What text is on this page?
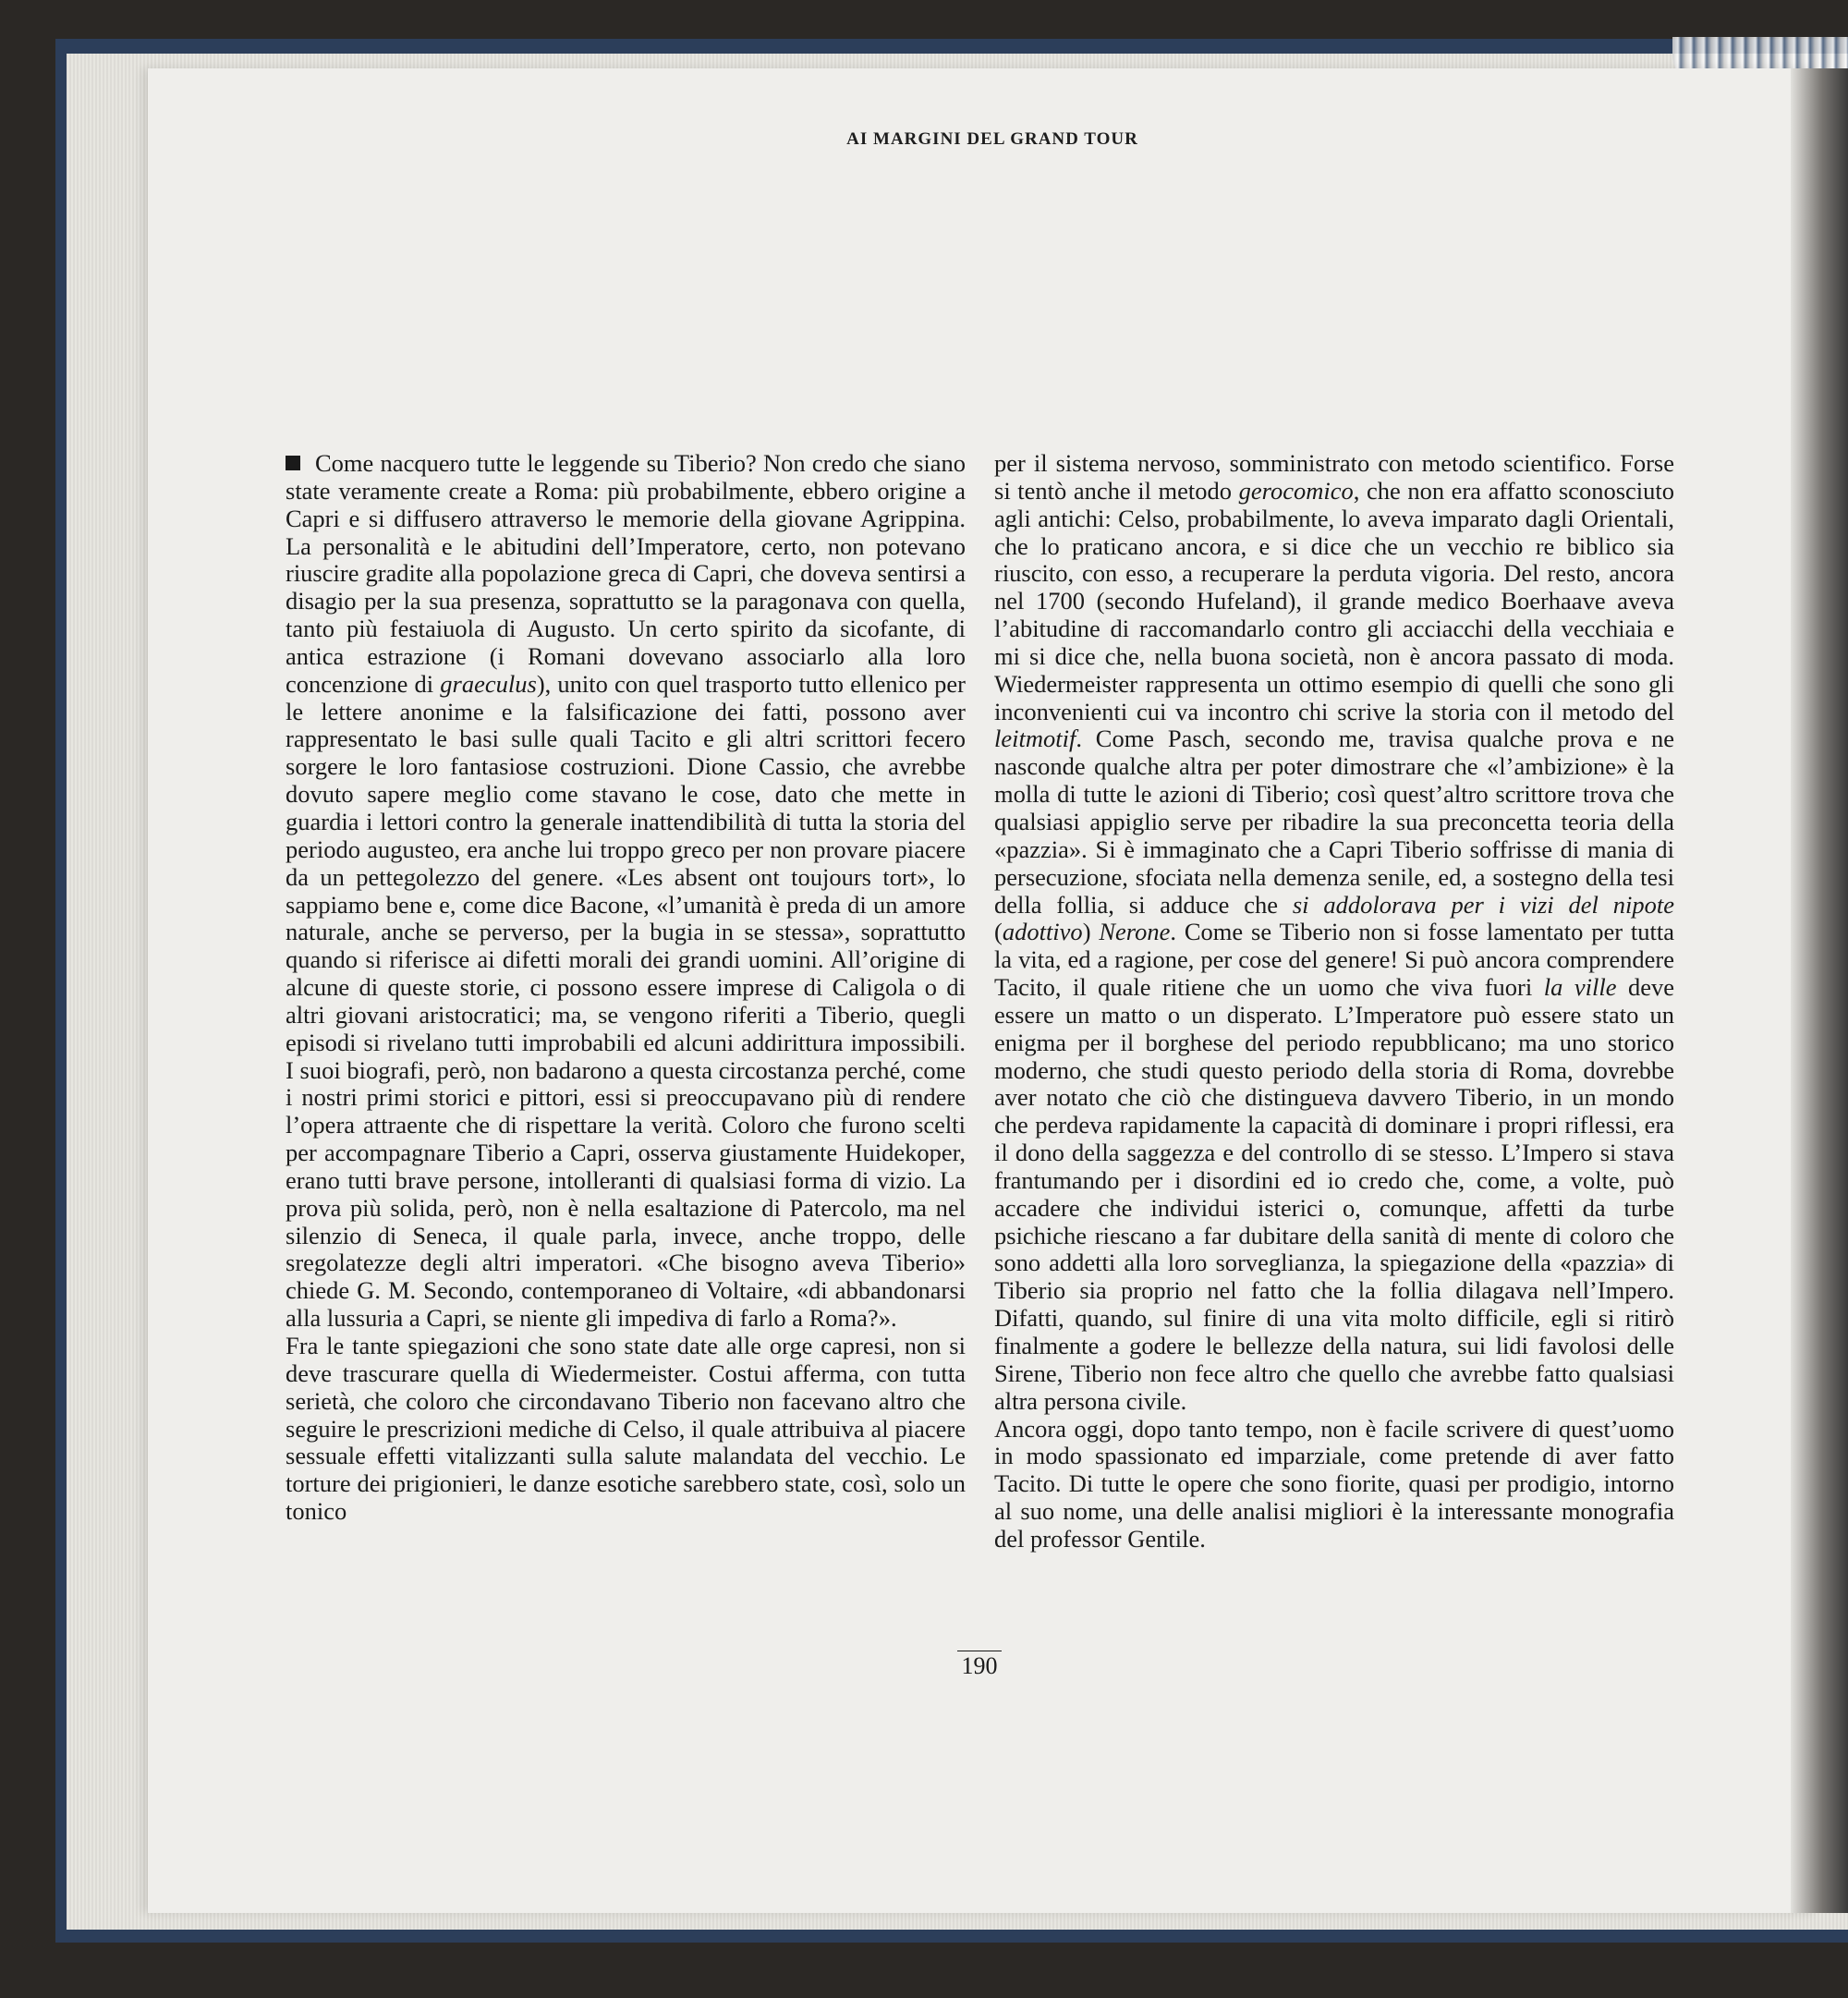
AI MARGINI DEL GRAND TOUR

Come nacquero tutte le leggende su Tiberio? Non credo che siano state veramente create a Roma: più probabilmente, ebbero origine a Capri e si diffusero attraverso le memorie della giovane Agrippina. La personalità e le abitudini dell’Imperatore, certo, non potevano riuscire gradite alla popolazione greca di Capri, che doveva sentirsi a disagio per la sua presenza, soprattutto se la paragonava con quella, tanto più festaiuola di Augusto. Un certo spirito da sicofante, di antica estrazione (i Romani dovevano associarlo alla loro concenzione di graeculus), unito con quel trasporto tutto ellenico per le lettere anonime e la falsificazione dei fatti, possono aver rappresentato le basi sulle quali Tacito e gli altri scrittori fecero sorgere le loro fantasiose costruzioni. Dione Cassio, che avrebbe dovuto sapere meglio come stavano le cose, dato che mette in guardia i lettori contro la generale inattendibilità di tutta la storia del periodo augusteo, era anche lui troppo greco per non provare piacere da un pettegolezzo del genere. «Les absent ont toujours tort», lo sappiamo bene e, come dice Bacone, «l’umanità è preda di un amore naturale, anche se perverso, per la bugia in se stessa», soprattutto quando si riferisce ai difetti morali dei grandi uomini. All’origine di alcune di queste storie, ci possono essere imprese di Caligola o di altri giovani aristocratici; ma, se vengono riferiti a Tiberio, quegli episodi si rivelano tutti improbabili ed alcuni addirittura impossibili. I suoi biografi, però, non badarono a questa circostanza perché, come i nostri primi storici e pittori, essi si preoccupavano più di rendere l’opera attraente che di rispettare la verità. Coloro che furono scelti per accompagnare Tiberio a Capri, osserva giustamente Huidekoper, erano tutti brave persone, intolleranti di qualsiasi forma di vizio. La prova più solida, però, non è nella esaltazione di Patercolo, ma nel silenzio di Seneca, il quale parla, invece, anche troppo, delle sregolatezze degli altri imperatori. «Che bisogno aveva Tiberio» chiede G. M. Secondo, contemporaneo di Voltaire, «di abbandonarsi alla lussuria a Capri, se niente gli impediva di farlo a Roma?».

Fra le tante spiegazioni che sono state date alle orge capresi, non si deve trascurare quella di Wiedermeister. Costui afferma, con tutta serietà, che coloro che circondavano Tiberio non facevano altro che seguire le prescrizioni mediche di Celso, il quale attribuiva al piacere sessuale effetti vitalizzanti sulla salute malandata del vecchio. Le torture dei prigionieri, le danze esotiche sarebbero state, così, solo un tonico

per il sistema nervoso, somministrato con metodo scientifico. Forse si tentò anche il metodo gerocomico, che non era affatto sconosciuto agli antichi: Celso, probabilmente, lo aveva imparato dagli Orientali, che lo praticano ancora, e si dice che un vecchio re biblico sia riuscito, con esso, a recuperare la perduta vigoria. Del resto, ancora nel 1700 (secondo Hufeland), il grande medico Boerhaave aveva l’abitudine di raccomandarlo contro gli acciacchi della vecchiaia e mi si dice che, nella buona società, non è ancora passato di moda. Wiedermeister rappresenta un ottimo esempio di quelli che sono gli inconvenienti cui va incontro chi scrive la storia con il metodo del leitmotif. Come Pasch, secondo me, travisa qualche prova e ne nasconde qualche altra per poter dimostrare che «l’ambizione» è la molla di tutte le azioni di Tiberio; così quest’altro scrittore trova che qualsiasi appiglio serve per ribadire la sua preconcetta teoria della «pazzia». Si è immaginato che a Capri Tiberio soffrisse di mania di persecuzione, sfociata nella demenza senile, ed, a sostegno della tesi della follia, si adduce che si addolorava per i vizi del nipote (adottivo) Nerone. Come se Tiberio non si fosse lamentato per tutta la vita, ed a ragione, per cose del genere! Si può ancora comprendere Tacito, il quale ritiene che un uomo che viva fuori la ville deve essere un matto o un disperato. L’Imperatore può essere stato un enigma per il borghese del periodo repubblicano; ma uno storico moderno, che studi questo periodo della storia di Roma, dovrebbe aver notato che ciò che distingueva davvero Tiberio, in un mondo che perdeva rapidamente la capacità di dominare i propri riflessi, era il dono della saggezza e del controllo di se stesso. L’Impero si stava frantumando per i disordini ed io credo che, come, a volte, può accadere che individui isterici o, comunque, affetti da turbe psichiche riescano a far dubitare della sanità di mente di coloro che sono addetti alla loro sorveglianza, la spiegazione della «pazzia» di Tiberio sia proprio nel fatto che la follia dilagava nell’Impero. Difatti, quando, sul finire di una vita molto difficile, egli si ritirò finalmente a godere le bellezze della natura, sui lidi favolosi delle Sirene, Tiberio non fece altro che quello che avrebbe fatto qualsiasi altra persona civile.

Ancora oggi, dopo tanto tempo, non è facile scrivere di quest’uomo in modo spassionato ed imparziale, come pretende di aver fatto Tacito. Di tutte le opere che sono fiorite, quasi per prodigio, intorno al suo nome, una delle analisi migliori è la interessante monografia del professor Gentile.

190
